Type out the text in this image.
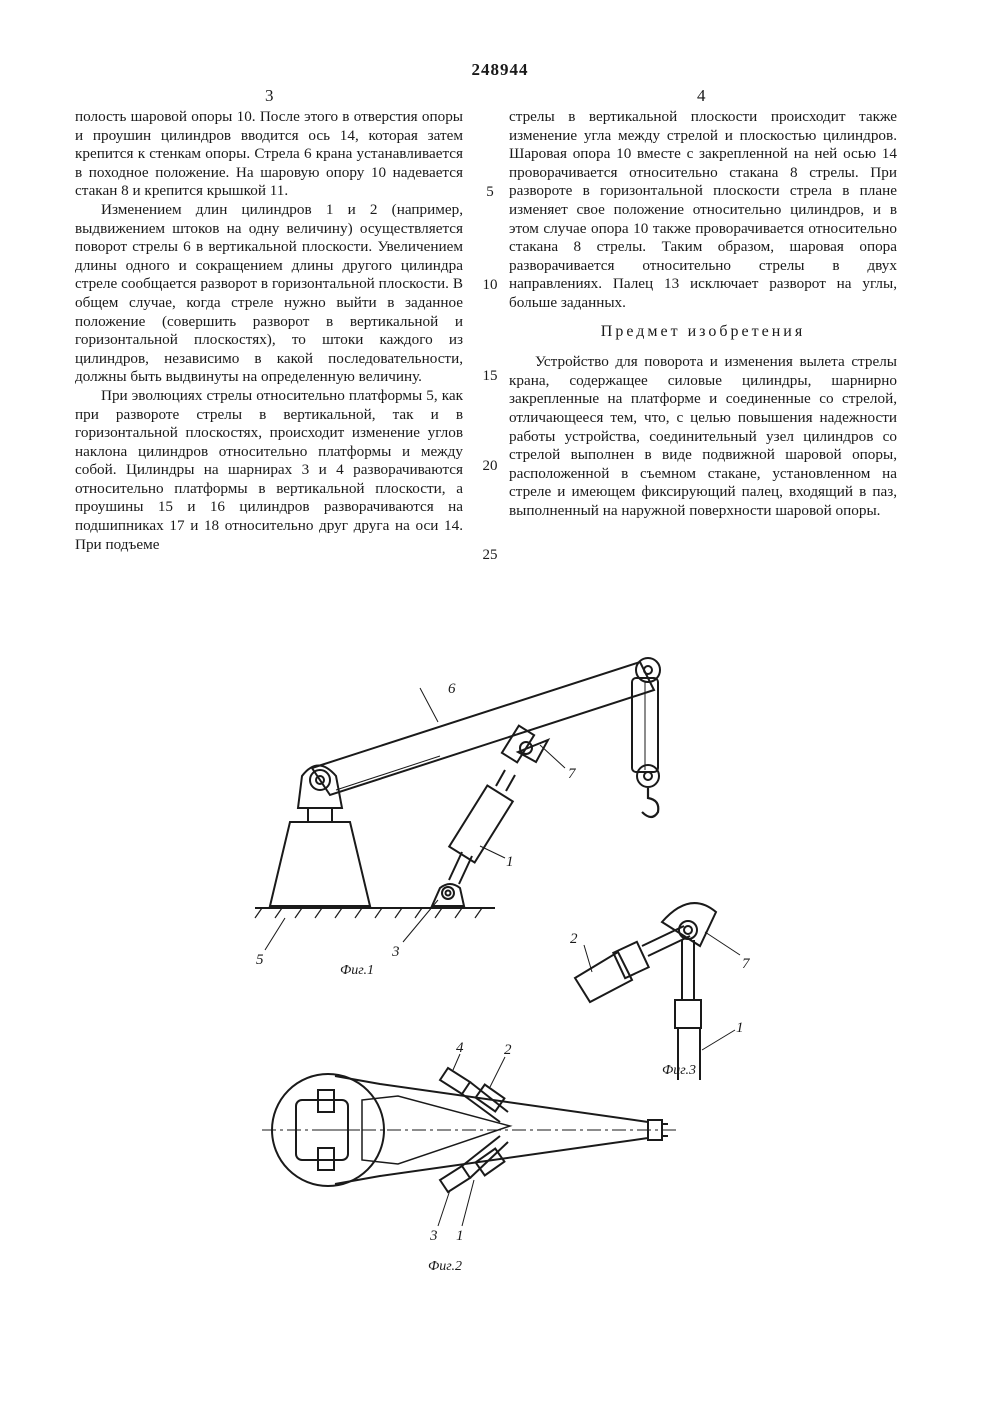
248944
3	4

полость шаровой опоры 10. После этого в отверстия опоры и проушин цилиндров вводится ось 14, которая затем крепится к стенкам опоры. Стрела 6 крана устанавливается в походное положение. На шаровую опору 10 надевается стакан 8 и крепится крышкой 11.

Изменением длин цилиндров 1 и 2 (например, выдвижением штоков на одну величину) осуществляется поворот стрелы 6 в вертикальной плоскости. Увеличением длины одного и сокращением длины другого цилиндра стреле сообщается разворот в горизонтальной плоскости. В общем случае, когда стреле нужно выйти в заданное положение (совершить разворот в вертикальной и горизонтальной плоскостях), то штоки каждого из цилиндров, независимо в какой последовательности, должны быть выдвинуты на определенную величину.

При эволюциях стрелы относительно платформы 5, как при развороте стрелы в вертикальной, так и в горизонтальной плоскостях, происходит изменение углов наклона цилиндров относительно платформы и между собой. Цилиндры на шарнирах 3 и 4 разворачиваются относительно платформы в вертикальной плоскости, а проушины 15 и 16 цилиндров разворачиваются на подшипниках 17 и 18 относительно друг друга на оси 14. При подъеме

5
10
15
20
25

стрелы в вертикальной плоскости происходит также изменение угла между стрелой и плоскостью цилиндров. Шаровая опора 10 вместе с закрепленной на ней осью 14 проворачивается относительно стакана 8 стрелы. При развороте в горизонтальной плоскости стрела в плане изменяет свое положение относительно цилиндров, и в этом случае опора 10 также проворачивается относительно стакана 8 стрелы. Таким образом, шаровая опора разворачивается относительно стрелы в двух направлениях. Палец 13 исключает разворот на углы, больше заданных.

Предмет изобретения

Устройство для поворота и изменения вылета стрелы крана, содержащее силовые цилиндры, шарнирно закрепленные на платформе и соединенные со стрелой, отличающееся тем, что, с целью повышения надежности работы устройства, соединительный узел цилиндров со стрелой выполнен в виде подвижной шаровой опоры, расположенной в съемном стакане, установленном на стреле и имеющем фиксирующий палец, входящий в паз, выполненный на наружной поверхности шаровой опоры.

6
7
1
3
5
Фиг.1
2
7
1
Фиг.3
4	2
3 1
Фиг.2
